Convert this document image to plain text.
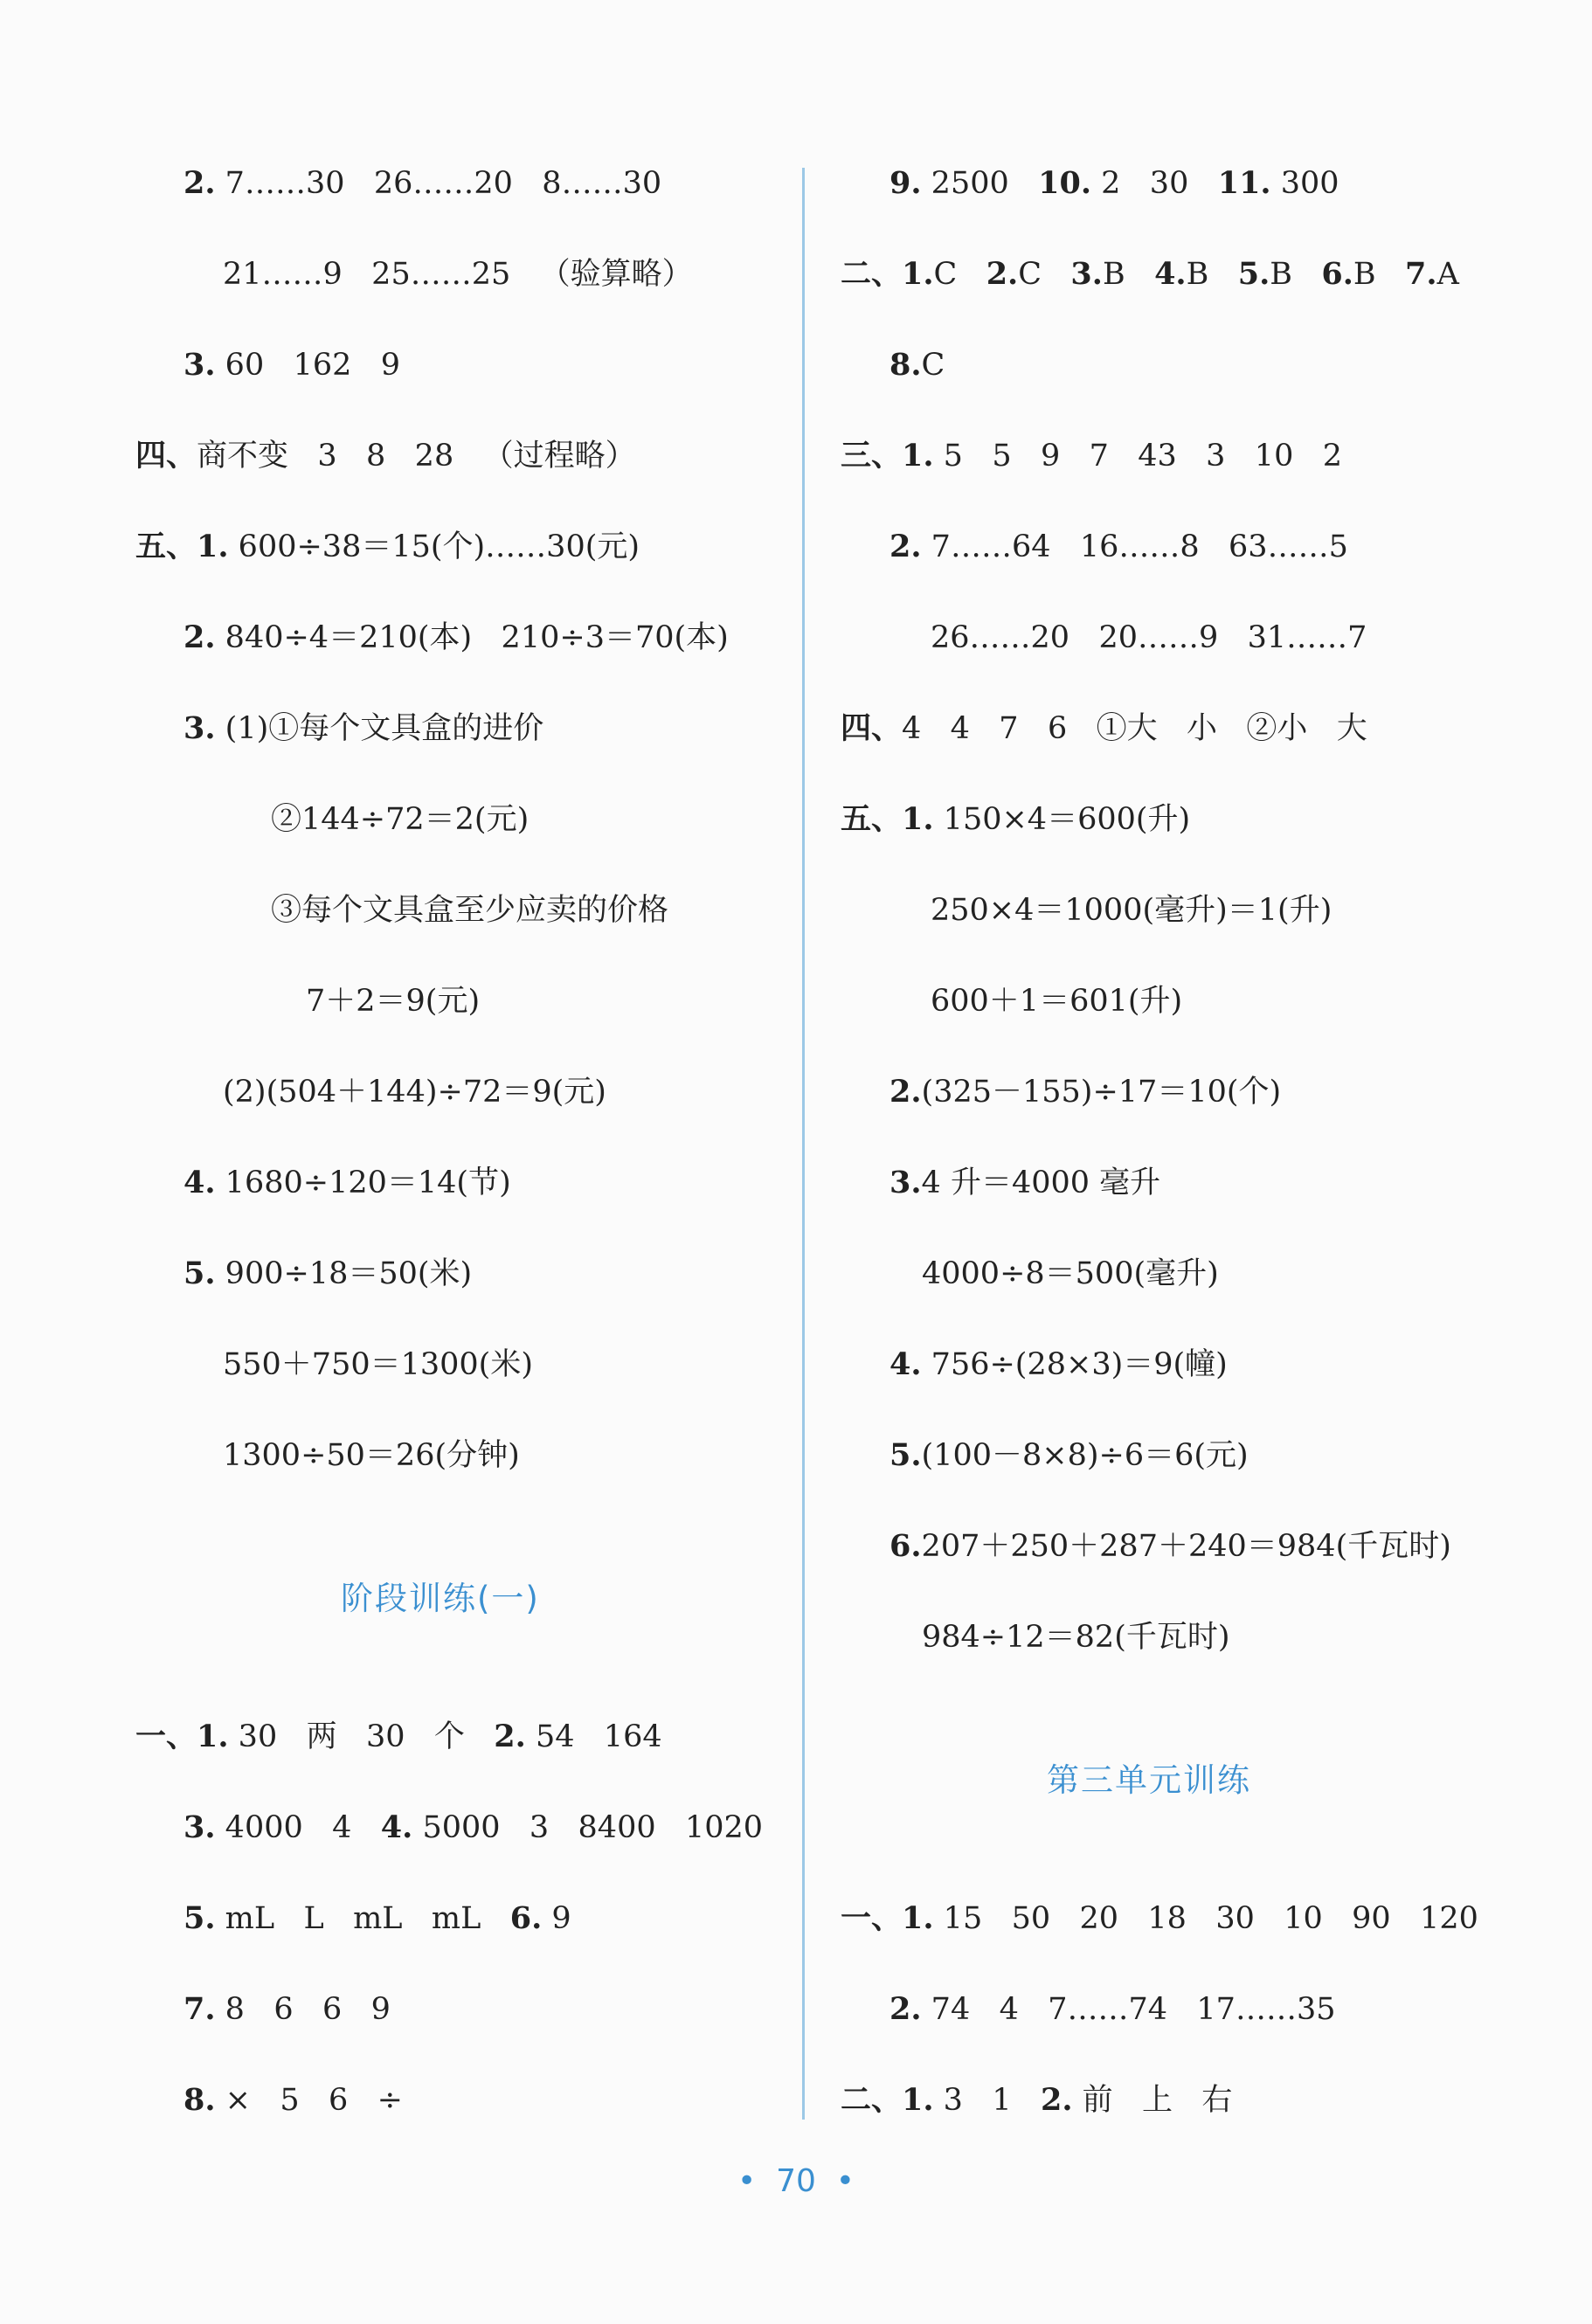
2. 7……30   26……20   8……30
21……9   25……25   （验算略）
3. 60   162   9
四、商不变   3   8   28   （过程略）
五、1. 600÷38＝15(个)……30(元)
2. 840÷4＝210(本)   210÷3＝70(本)
3. (1)①每个文具盒的进价
②144÷72＝2(元)
③每个文具盒至少应卖的价格
7＋2＝9(元)
(2)(504＋144)÷72＝9(元)
4. 1680÷120＝14(节)
5. 900÷18＝50(米)
550＋750＝1300(米)
1300÷50＝26(分钟)
阶段训练(一)
一、1. 30   两   30   个   2. 54   164
3. 4000   4   4. 5000   3   8400   1020
5. mL   L   mL   mL   6. 9
7. 8   6   6   9
8. ×   5   6   ÷
9. 2500   10. 2   30   11. 300
二、1.C   2.C   3.B   4.B   5.B   6.B   7.A
8.C
三、1. 5   5   9   7   43   3   10   2
2. 7……64   16……8   63……5
26……20   20……9   31……7
四、4   4   7   6   ①大   小   ②小   大
五、1. 150×4＝600(升)
250×4＝1000(毫升)＝1(升)
600＋1＝601(升)
2.(325－155)÷17＝10(个)
3.4 升＝4000 毫升
4000÷8＝500(毫升)
4. 756÷(28×3)＝9(幢)
5.(100－8×8)÷6＝6(元)
6.207＋250＋287＋240＝984(千瓦时)
984÷12＝82(千瓦时)
第三单元训练
一、1. 15   50   20   18   30   10   90   120
2. 74   4   7……74   17……35
二、1. 3   1   2. 前   上   右
•  70  •
